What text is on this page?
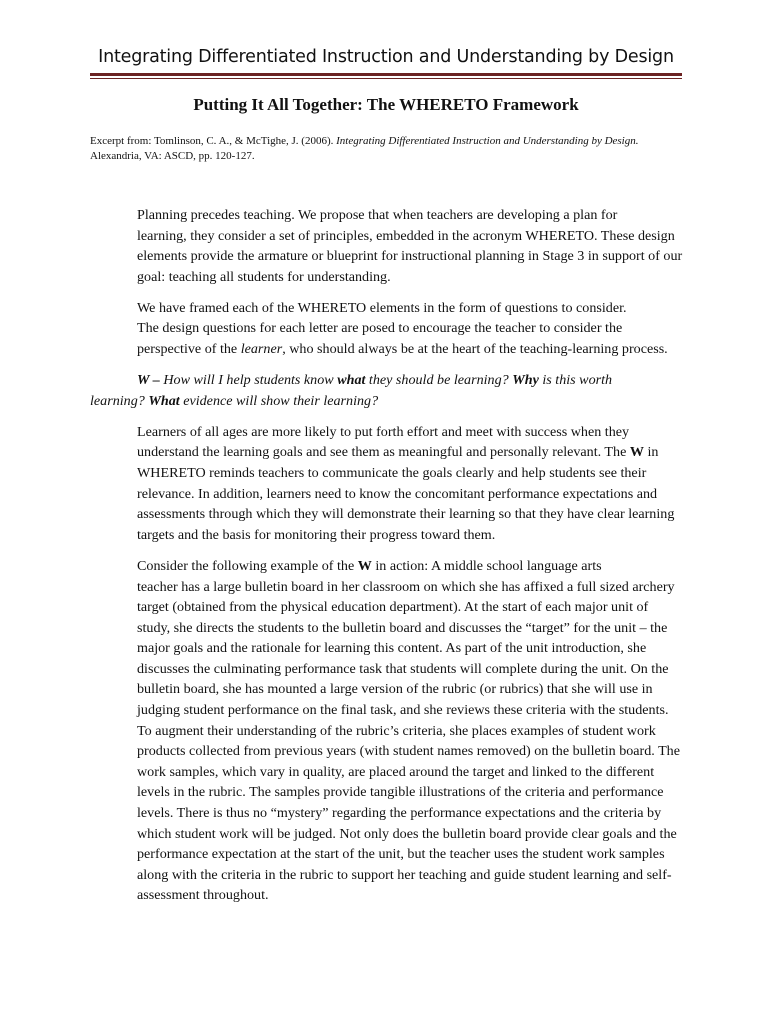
Integrating Differentiated Instruction and Understanding by Design
Putting It All Together: The WHERETO Framework
Excerpt from: Tomlinson, C. A., & McTighe, J. (2006). Integrating Differentiated Instruction and Understanding by Design.
Alexandria, VA: ASCD, pp. 120-127.

Planning precedes teaching. We propose that when teachers are developing a plan for
learning, they consider a set of principles, embedded in the acronym WHERETO. These design
elements provide the armature or blueprint for instructional planning in Stage 3 in support of our
goal: teaching all students for understanding.

We have framed each of the WHERETO elements in the form of questions to consider.
The design questions for each letter are posed to encourage the teacher to consider the
perspective of the learner, who should always be at the heart of the teaching-learning process.

W – How will I help students know what they should be learning? Why is this worth
learning? What evidence will show their learning?

Learners of all ages are more likely to put forth effort and meet with success when they
understand the learning goals and see them as meaningful and personally relevant. The W in
WHERETO reminds teachers to communicate the goals clearly and help students see their
relevance. In addition, learners need to know the concomitant performance expectations and
assessments through which they will demonstrate their learning so that they have clear learning
targets and the basis for monitoring their progress toward them.

Consider the following example of the W in action: A middle school language arts
teacher has a large bulletin board in her classroom on which she has affixed a full sized archery
target (obtained from the physical education department). At the start of each major unit of
study, she directs the students to the bulletin board and discusses the “target” for the unit – the
major goals and the rationale for learning this content. As part of the unit introduction, she
discusses the culminating performance task that students will complete during the unit. On the
bulletin board, she has mounted a large version of the rubric (or rubrics) that she will use in
judging student performance on the final task, and she reviews these criteria with the students.
To augment their understanding of the rubric’s criteria, she places examples of student work
products collected from previous years (with student names removed) on the bulletin board. The
work samples, which vary in quality, are placed around the target and linked to the different
levels in the rubric. The samples provide tangible illustrations of the criteria and performance
levels. There is thus no “mystery” regarding the performance expectations and the criteria by
which student work will be judged. Not only does the bulletin board provide clear goals and the
performance expectation at the start of the unit, but the teacher uses the student work samples
along with the criteria in the rubric to support her teaching and guide student learning and self-
assessment throughout.
